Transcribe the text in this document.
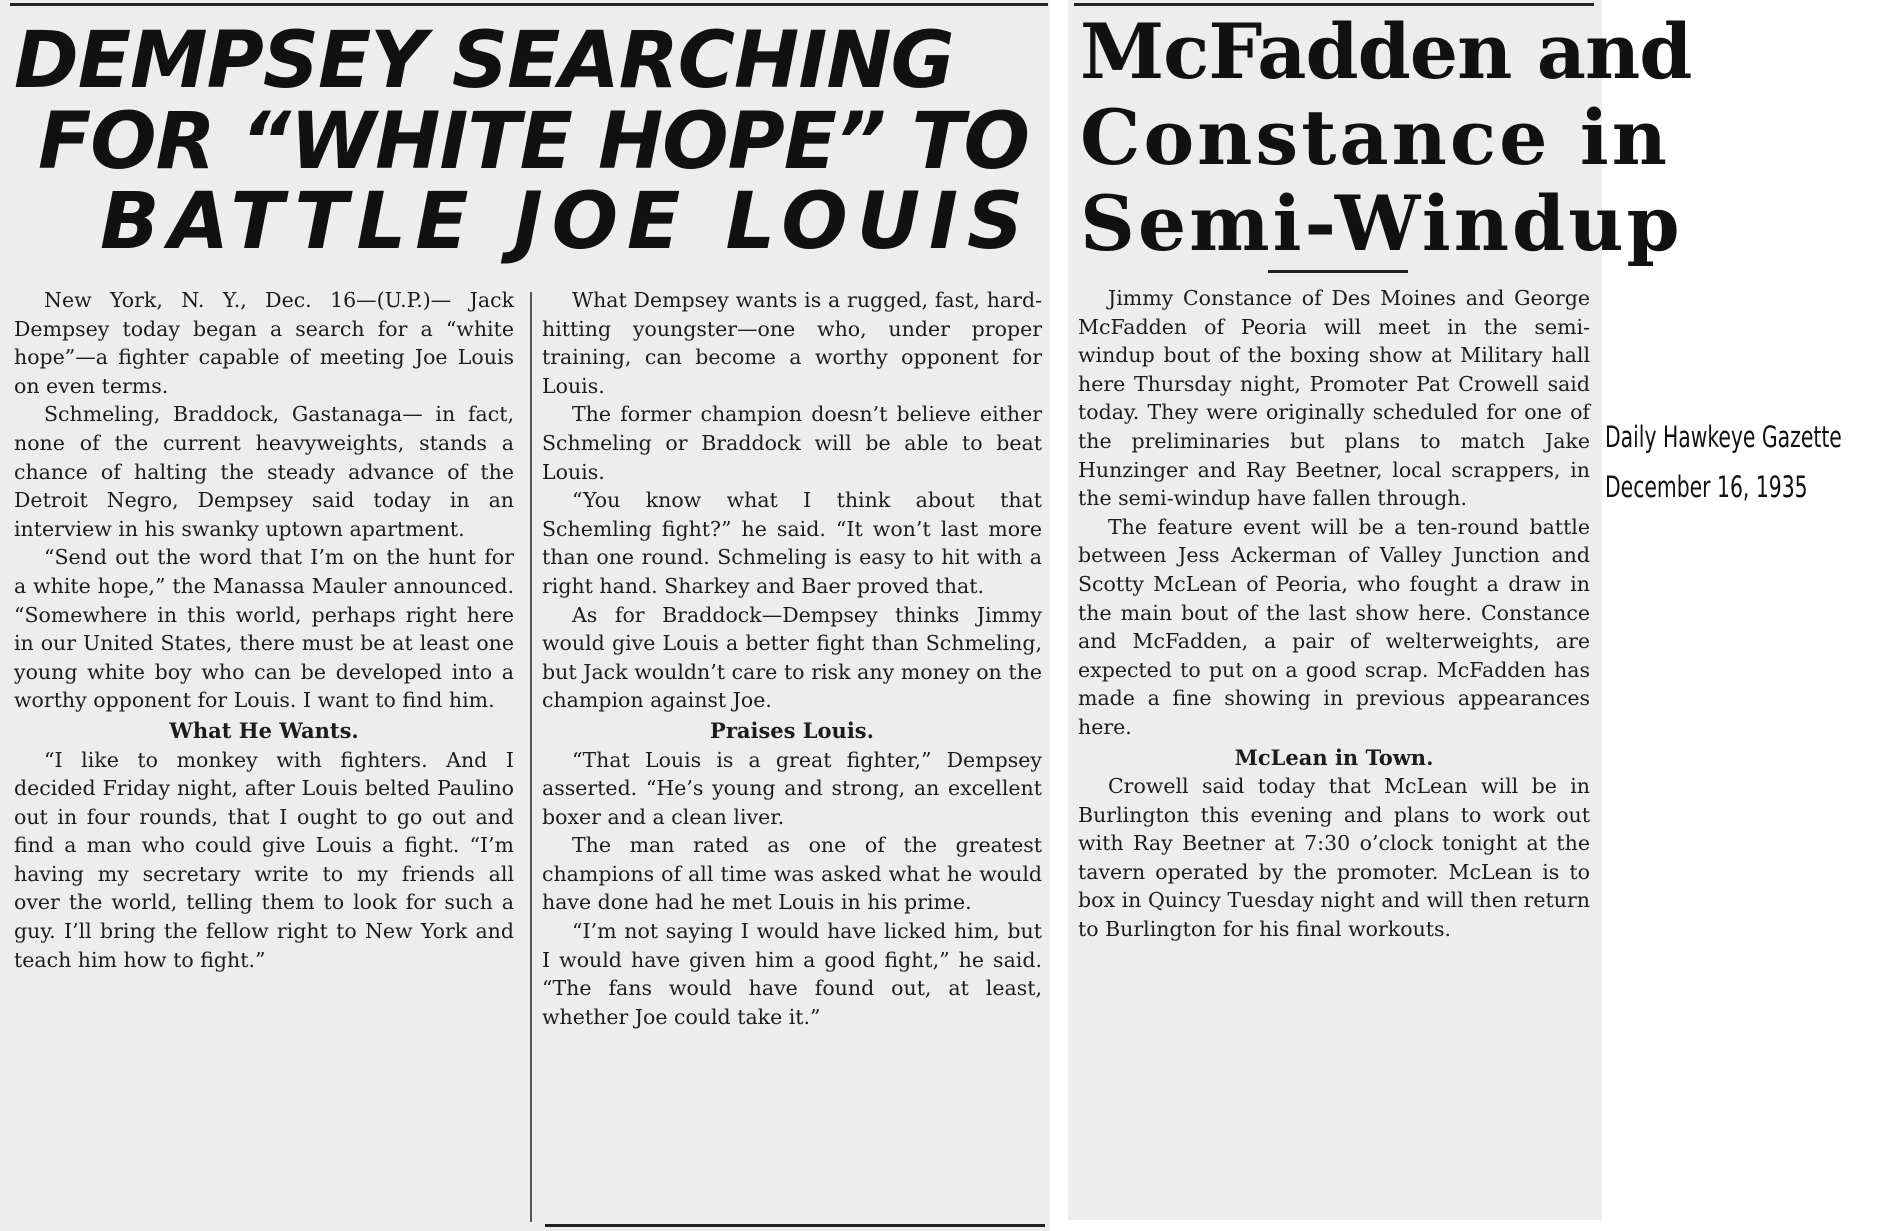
DEMPSEY SEARCHING
FOR “WHITE HOPE” TO
BATTLE JOE LOUIS

New York, N. Y., Dec. 16—(U.P.)— Jack Dempsey today began a search for a “white hope”—a fighter capable of meeting Joe Louis on even terms.

Schmeling, Braddock, Gastanaga— in fact, none of the current heavyweights, stands a chance of halting the steady advance of the Detroit Negro, Dempsey said today in an interview in his swanky uptown apartment.

“Send out the word that I’m on the hunt for a white hope,” the Manassa Mauler announced. “Somewhere in this world, perhaps right here in our United States, there must be at least one young white boy who can be developed into a worthy opponent for Louis. I want to find him.

What He Wants.

“I like to monkey with fighters. And I decided Friday night, after Louis belted Paulino out in four rounds, that I ought to go out and find a man who could give Louis a fight. “I’m having my secretary write to my friends all over the world, telling them to look for such a guy. I’ll bring the fellow right to New York and teach him how to fight.”

What Dempsey wants is a rugged, fast, hard-hitting youngster—one who, under proper training, can become a worthy opponent for Louis.

The former champion doesn’t believe either Schmeling or Braddock will be able to beat Louis.

“You know what I think about that Schemling fight?” he said. “It won’t last more than one round. Schmeling is easy to hit with a right hand. Sharkey and Baer proved that.

As for Braddock—Dempsey thinks Jimmy would give Louis a better fight than Schmeling, but Jack wouldn’t care to risk any money on the champion against Joe.

Praises Louis.

“That Louis is a great fighter,” Dempsey asserted. “He’s young and strong, an excellent boxer and a clean liver.

The man rated as one of the greatest champions of all time was asked what he would have done had he met Louis in his prime.

“I’m not saying I would have licked him, but I would have given him a good fight,” he said. “The fans would have found out, at least, whether Joe could take it.”

McFadden and
Constance in
Semi-Windup

Jimmy Constance of Des Moines and George McFadden of Peoria will meet in the semi-windup bout of the boxing show at Military hall here Thursday night, Promoter Pat Crowell said today. They were originally scheduled for one of the preliminaries but plans to match Jake Hunzinger and Ray Beetner, local scrappers, in the semi-windup have fallen through.

The feature event will be a ten-round battle between Jess Ackerman of Valley Junction and Scotty McLean of Peoria, who fought a draw in the main bout of the last show here. Constance and McFadden, a pair of welterweights, are expected to put on a good scrap. McFadden has made a fine showing in previous appearances here.

McLean in Town.

Crowell said today that McLean will be in Burlington this evening and plans to work out with Ray Beetner at 7:30 o’clock tonight at the tavern operated by the promoter. McLean is to box in Quincy Tuesday night and will then return to Burlington for his final workouts.

Daily Hawkeye Gazette
December 16, 1935
